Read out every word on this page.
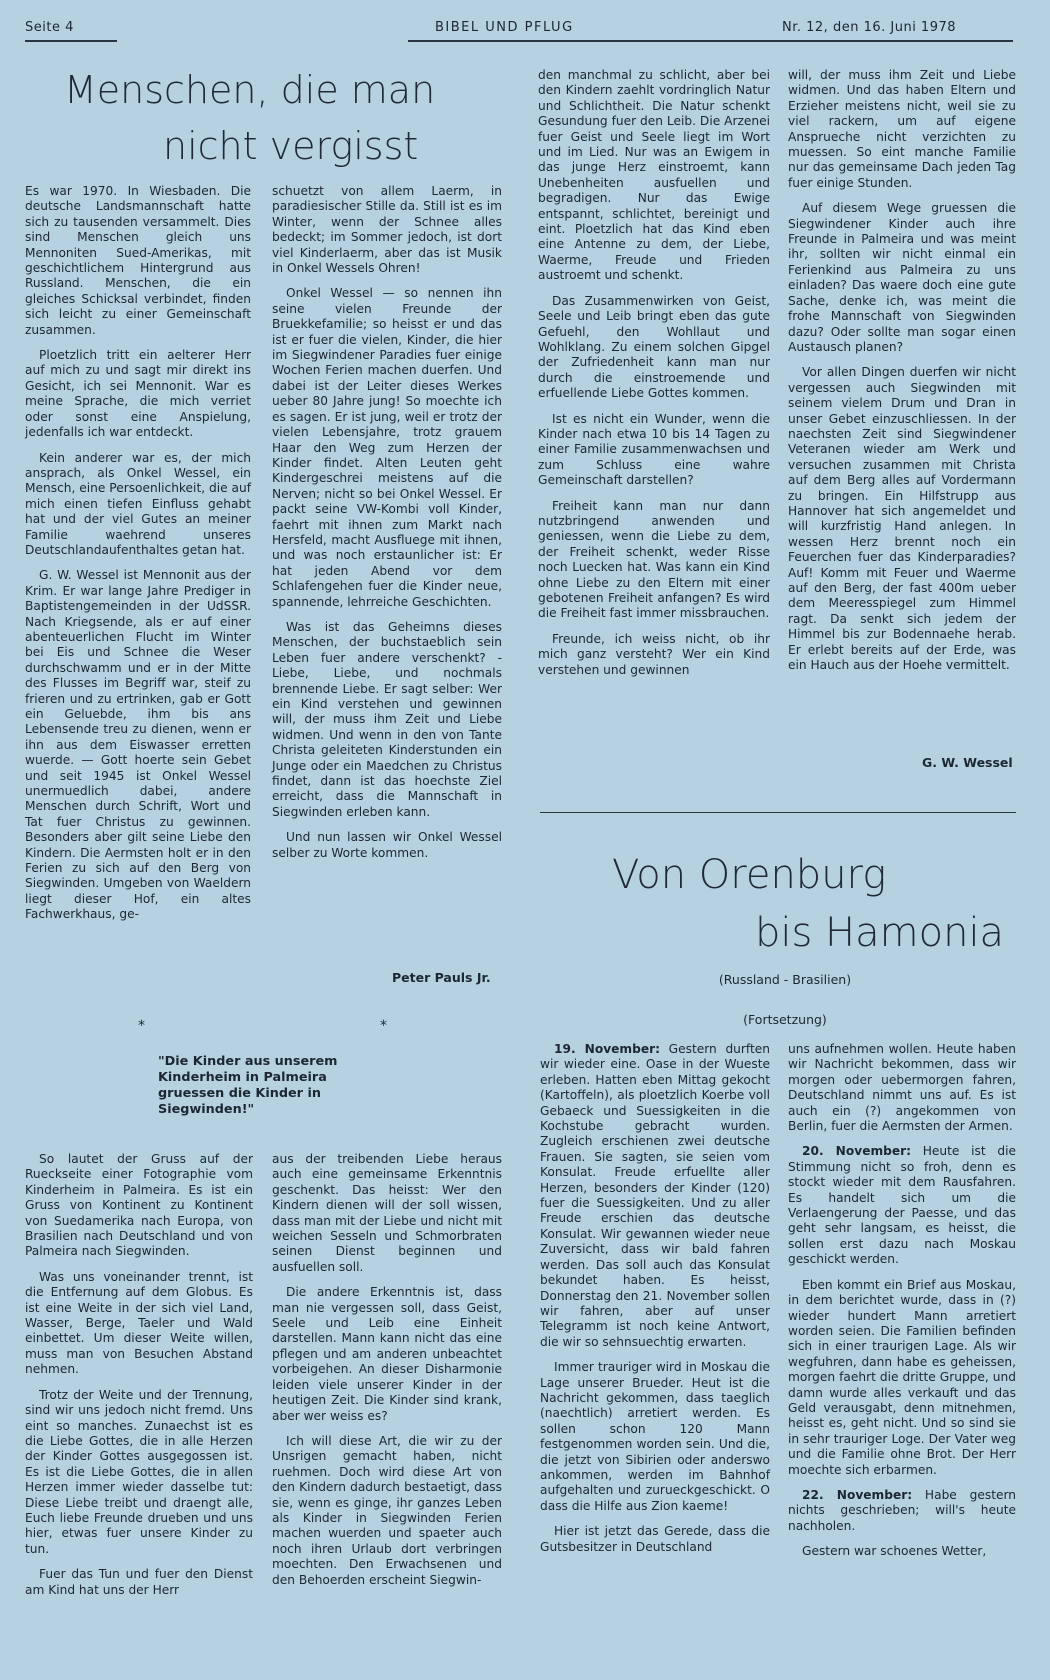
Seite 4	BIBEL UND PFLUG	Nr. 12, den 16. Juni 1978
Menschen, die man
nicht vergisst

Es war 1970. In Wiesbaden. Die deutsche Landsmannschaft hatte sich zu tausenden versammelt. Dies sind Menschen gleich uns Mennoniten Sued-Amerikas, mit geschichtlichem Hintergrund aus Russland. Menschen, die ein gleiches Schicksal verbindet, finden sich leicht zu einer Gemeinschaft zusammen.

Ploetzlich tritt ein aelterer Herr auf mich zu und sagt mir direkt ins Gesicht, ich sei Mennonit. War es meine Sprache, die mich verriet oder sonst eine Anspielung, jedenfalls ich war entdeckt.

Kein anderer war es, der mich ansprach, als Onkel Wessel, ein Mensch, eine Persoenlichkeit, die auf mich einen tiefen Einfluss gehabt hat und der viel Gutes an meiner Familie waehrend unseres Deutschlandaufenthaltes getan hat.

G. W. Wessel ist Mennonit aus der Krim. Er war lange Jahre Prediger in Baptistengemeinden in der UdSSR. Nach Kriegsende, als er auf einer abenteuerlichen Flucht im Winter bei Eis und Schnee die Weser durchschwamm und er in der Mitte des Flusses im Begriff war, steif zu frieren und zu ertrinken, gab er Gott ein Geluebde, ihm bis ans Lebensende treu zu dienen, wenn er ihn aus dem Eiswasser erretten wuerde. — Gott hoerte sein Gebet und seit 1945 ist Onkel Wessel unermuedlich dabei, andere Menschen durch Schrift, Wort und Tat fuer Christus zu gewinnen. Besonders aber gilt seine Liebe den Kindern. Die Aermsten holt er in den Ferien zu sich auf den Berg von Siegwinden. Umgeben von Waeldern liegt dieser Hof, ein altes Fachwerkhaus, ge-

schuetzt von allem Laerm, in paradiesischer Stille da. Still ist es im Winter, wenn der Schnee alles bedeckt; im Sommer jedoch, ist dort viel Kinderlaerm, aber das ist Musik in Onkel Wessels Ohren!

Onkel Wessel — so nennen ihn seine vielen Freunde der Bruekkefamilie; so heisst er und das ist er fuer die vielen, Kinder, die hier im Siegwindener Paradies fuer einige Wochen Ferien machen duerfen. Und dabei ist der Leiter dieses Werkes ueber 80 Jahre jung! So moechte ich es sagen. Er ist jung, weil er trotz der vielen Lebensjahre, trotz grauem Haar den Weg zum Herzen der Kinder findet. Alten Leuten geht Kindergeschrei meistens auf die Nerven; nicht so bei Onkel Wessel. Er packt seine VW-Kombi voll Kinder, faehrt mit ihnen zum Markt nach Hersfeld, macht Ausfluege mit ihnen, und was noch erstaunlicher ist: Er hat jeden Abend vor dem Schlafengehen fuer die Kinder neue, spannende, lehrreiche Geschichten.

Was ist das Geheimns dieses Menschen, der buchstaeblich sein Leben fuer andere verschenkt? - Liebe, Liebe, und nochmals brennende Liebe. Er sagt selber: Wer ein Kind verstehen und gewinnen will, der muss ihm Zeit und Liebe widmen. Und wenn in den von Tante Christa geleiteten Kinderstunden ein Junge oder ein Maedchen zu Christus findet, dann ist das hoechste Ziel erreicht, dass die Mannschaft in Siegwinden erleben kann.

Und nun lassen wir Onkel Wessel selber zu Worte kommen.

Peter Pauls Jr.

den manchmal zu schlicht, aber bei den Kindern zaehlt vordringlich Natur und Schlichtheit. Die Natur schenkt Gesundung fuer den Leib. Die Arzenei fuer Geist und Seele liegt im Wort und im Lied. Nur was an Ewigem in das junge Herz einstroemt, kann Unebenheiten ausfuellen und begradigen. Nur das Ewige entspannt, schlichtet, bereinigt und eint. Ploetzlich hat das Kind eben eine Antenne zu dem, der Liebe, Waerme, Freude und Frieden austroemt und schenkt.

Das Zusammenwirken von Geist, Seele und Leib bringt eben das gute Gefuehl, den Wohllaut und Wohlklang. Zu einem solchen Gipgel der Zufriedenheit kann man nur durch die einstroemende und erfuellende Liebe Gottes kommen.

Ist es nicht ein Wunder, wenn die Kinder nach etwa 10 bis 14 Tagen zu einer Familie zusammenwachsen und zum Schluss eine wahre Gemeinschaft darstellen?

Freiheit kann man nur dann nutzbringend anwenden und geniessen, wenn die Liebe zu dem, der Freiheit schenkt, weder Risse noch Luecken hat. Was kann ein Kind ohne Liebe zu den Eltern mit einer gebotenen Freiheit anfangen? Es wird die Freiheit fast immer missbrauchen.

Freunde, ich weiss nicht, ob ihr mich ganz versteht? Wer ein Kind verstehen und gewinnen

will, der muss ihm Zeit und Liebe widmen. Und das haben Eltern und Erzieher meistens nicht, weil sie zu viel rackern, um auf eigene Ansprueche nicht verzichten zu muessen. So eint manche Familie nur das gemeinsame Dach jeden Tag fuer einige Stunden.

Auf diesem Wege gruessen die Siegwindener Kinder auch ihre Freunde in Palmeira und was meint ihr, sollten wir nicht einmal ein Ferienkind aus Palmeira zu uns einladen? Das waere doch eine gute Sache, denke ich, was meint die frohe Mannschaft von Siegwinden dazu? Oder sollte man sogar einen Austausch planen?

Vor allen Dingen duerfen wir nicht vergessen auch Siegwinden mit seinem vielem Drum und Dran in unser Gebet einzuschliessen. In der naechsten Zeit sind Siegwindener Veteranen wieder am Werk und versuchen zusammen mit Christa auf dem Berg alles auf Vordermann zu bringen. Ein Hilfstrupp aus Hannover hat sich angemeldet und will kurzfristig Hand anlegen. In wessen Herz brennt noch ein Feuerchen fuer das Kinderparadies? Auf! Komm mit Feuer und Waerme auf den Berg, der fast 400m ueber dem Meeresspiegel zum Himmel ragt. Da senkt sich jedem der Himmel bis zur Bodennaehe herab. Er erlebt bereits auf der Erde, was ein Hauch aus der Hoehe vermittelt.

G. W. Wessel
Von Orenburg
bis Hamonia
(Russland - Brasilien)
(Fortsetzung)
*	*
"Die Kinder aus unserem Kinderheim in Palmeira gruessen die Kinder in Siegwinden!"

So lautet der Gruss auf der Rueckseite einer Fotographie vom Kinderheim in Palmeira. Es ist ein Gruss von Kontinent zu Kontinent von Suedamerika nach Europa, von Brasilien nach Deutschland und von Palmeira nach Siegwinden.

Was uns voneinander trennt, ist die Entfernung auf dem Globus. Es ist eine Weite in der sich viel Land, Wasser, Berge, Taeler und Wald einbettet. Um dieser Weite willen, muss man von Besuchen Abstand nehmen.

Trotz der Weite und der Trennung, sind wir uns jedoch nicht fremd. Uns eint so manches. Zunaechst ist es die Liebe Gottes, die in alle Herzen der Kinder Gottes ausgegossen ist. Es ist die Liebe Gottes, die in allen Herzen immer wieder dasselbe tut: Diese Liebe treibt und draengt alle, Euch liebe Freunde drueben und uns hier, etwas fuer unsere Kinder zu tun.

Fuer das Tun und fuer den Dienst am Kind hat uns der Herr

aus der treibenden Liebe heraus auch eine gemeinsame Erkenntnis geschenkt. Das heisst: Wer den Kindern dienen will der soll wissen, dass man mit der Liebe und nicht mit weichen Sesseln und Schmorbraten seinen Dienst beginnen und ausfuellen soll.

Die andere Erkenntnis ist, dass man nie vergessen soll, dass Geist, Seele und Leib eine Einheit darstellen. Mann kann nicht das eine pflegen und am anderen unbeachtet vorbeigehen. An dieser Disharmonie leiden viele unserer Kinder in der heutigen Zeit. Die Kinder sind krank, aber wer weiss es?

Ich will diese Art, die wir zu der Unsrigen gemacht haben, nicht ruehmen. Doch wird diese Art von den Kindern dadurch bestaetigt, dass sie, wenn es ginge, ihr ganzes Leben als Kinder in Siegwinden Ferien machen wuerden und spaeter auch noch ihren Urlaub dort verbringen moechten. Den Erwachsenen und den Behoerden erscheint Siegwin-

19. November: Gestern durften wir wieder eine. Oase in der Wueste erleben. Hatten eben Mittag gekocht (Kartoffeln), als ploetzlich Koerbe voll Gebaeck und Suessigkeiten in die Kochstube gebracht wurden. Zugleich erschienen zwei deutsche Frauen. Sie sagten, sie seien vom Konsulat. Freude erfuellte aller Herzen, besonders der Kinder (120) fuer die Suessigkeiten. Und zu aller Freude erschien das deutsche Konsulat. Wir gewannen wieder neue Zuversicht, dass wir bald fahren werden. Das soll auch das Konsulat bekundet haben. Es heisst, Donnerstag den 21. November sollen wir fahren, aber auf unser Telegramm ist noch keine Antwort, die wir so sehnsuechtig erwarten.

Immer trauriger wird in Moskau die Lage unserer Brueder. Heut ist die Nachricht gekommen, dass taeglich (naechtlich) arretiert werden. Es sollen schon 120 Mann festgenommen worden sein. Und die, die jetzt von Sibirien oder anderswo ankommen, werden im Bahnhof aufgehalten und zurueckgeschickt. O dass die Hilfe aus Zion kaeme!

Hier ist jetzt das Gerede, dass die Gutsbesitzer in Deutschland

uns aufnehmen wollen. Heute haben wir Nachricht bekommen, dass wir morgen oder uebermorgen fahren, Deutschland nimmt uns auf. Es ist auch ein (?) angekommen von Berlin, fuer die Aermsten der Armen.

20. November: Heute ist die Stimmung nicht so froh, denn es stockt wieder mit dem Rausfahren. Es handelt sich um die Verlaengerung der Paesse, und das geht sehr langsam, es heisst, die sollen erst dazu nach Moskau geschickt werden.

Eben kommt ein Brief aus Moskau, in dem berichtet wurde, dass in (?) wieder hundert Mann arretiert worden seien. Die Familien befinden sich in einer traurigen Lage. Als wir wegfuhren, dann habe es geheissen, morgen faehrt die dritte Gruppe, und damn wurde alles verkauft und das Geld verausgabt, denn mitnehmen, heisst es, geht nicht. Und so sind sie in sehr trauriger Loge. Der Vater weg und die Familie ohne Brot. Der Herr moechte sich erbarmen.

22. November: Habe gestern nichts geschrieben; will's heute nachholen.

Gestern war schoenes Wetter,
